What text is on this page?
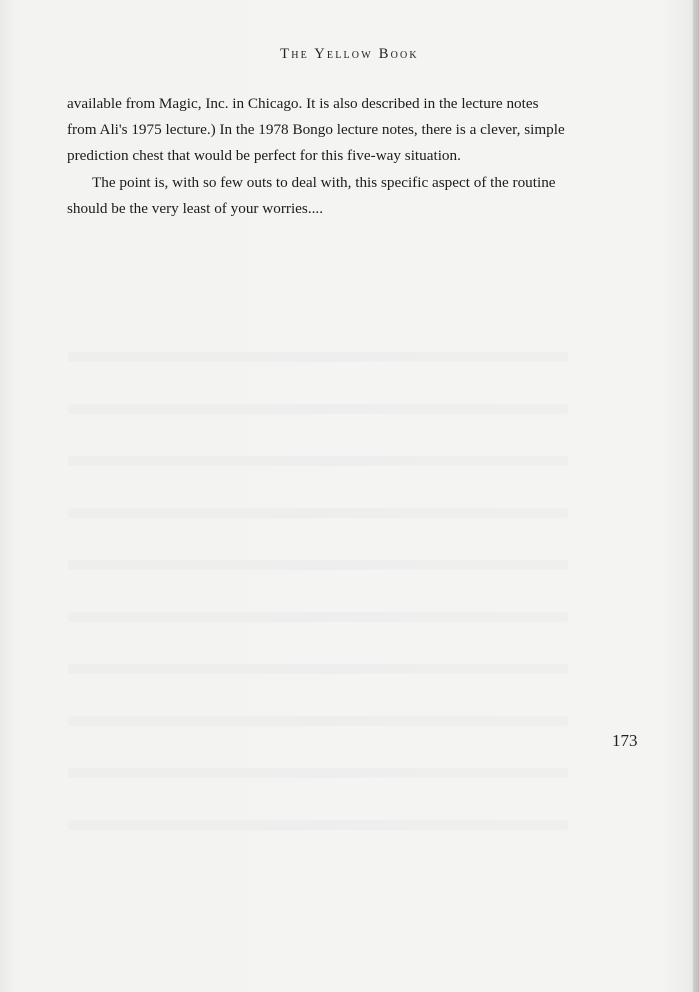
The Yellow Book

available from Magic, Inc. in Chicago. It is also described in the lecture notes from Ali's 1975 lecture.) In the 1978 Bongo lecture notes, there is a clever, simple prediction chest that would be perfect for this five-way situation.

The point is, with so few outs to deal with, this specific aspect of the routine should be the very least of your worries....

173
